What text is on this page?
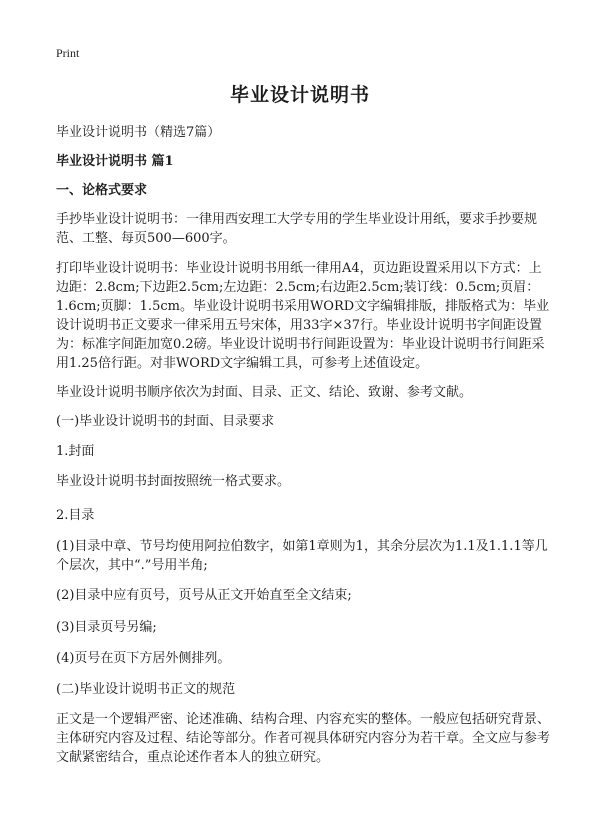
Print
毕业设计说明书

毕业设计说明书（精选7篇）

毕业设计说明书 篇1

一、论格式要求

手抄毕业设计说明书：一律用西安理工大学专用的学生毕业设计用纸，要求手抄要规范、工整、每页500—600字。

打印毕业设计说明书：毕业设计说明书用纸一律用A4，页边距设置采用以下方式：上边距：2.8cm;下边距2.5cm;左边距：2.5cm;右边距2.5cm;装订线：0.5cm;页眉：1.6cm;页脚：1.5cm。毕业设计说明书采用WORD文字编辑排版，排版格式为：毕业设计说明书正文要求一律采用五号宋体，用33字×37行。毕业设计说明书字间距设置为：标准字间距加宽0.2磅。毕业设计说明书行间距设置为：毕业设计说明书行间距采用1.25倍行距。对非WORD文字编辑工具，可参考上述值设定。

毕业设计说明书顺序依次为封面、目录、正文、结论、致谢、参考文献。

(一)毕业设计说明书的封面、目录要求

1.封面

毕业设计说明书封面按照统一格式要求。

2.目录

(1)目录中章、节号均使用阿拉伯数字，如第1章则为1，其余分层次为1.1及1.1.1等几个层次，其中“.”号用半角;

(2)目录中应有页号，页号从正文开始直至全文结束;

(3)目录页号另编;

(4)页号在页下方居外侧排列。

(二)毕业设计说明书正文的规范

正文是一个逻辑严密、论述准确、结构合理、内容充实的整体。一般应包括研究背景、主体研究内容及过程、结论等部分。作者可视具体研究内容分为若干章。全文应与参考文献紧密结合，重点论述作者本人的独立研究。
